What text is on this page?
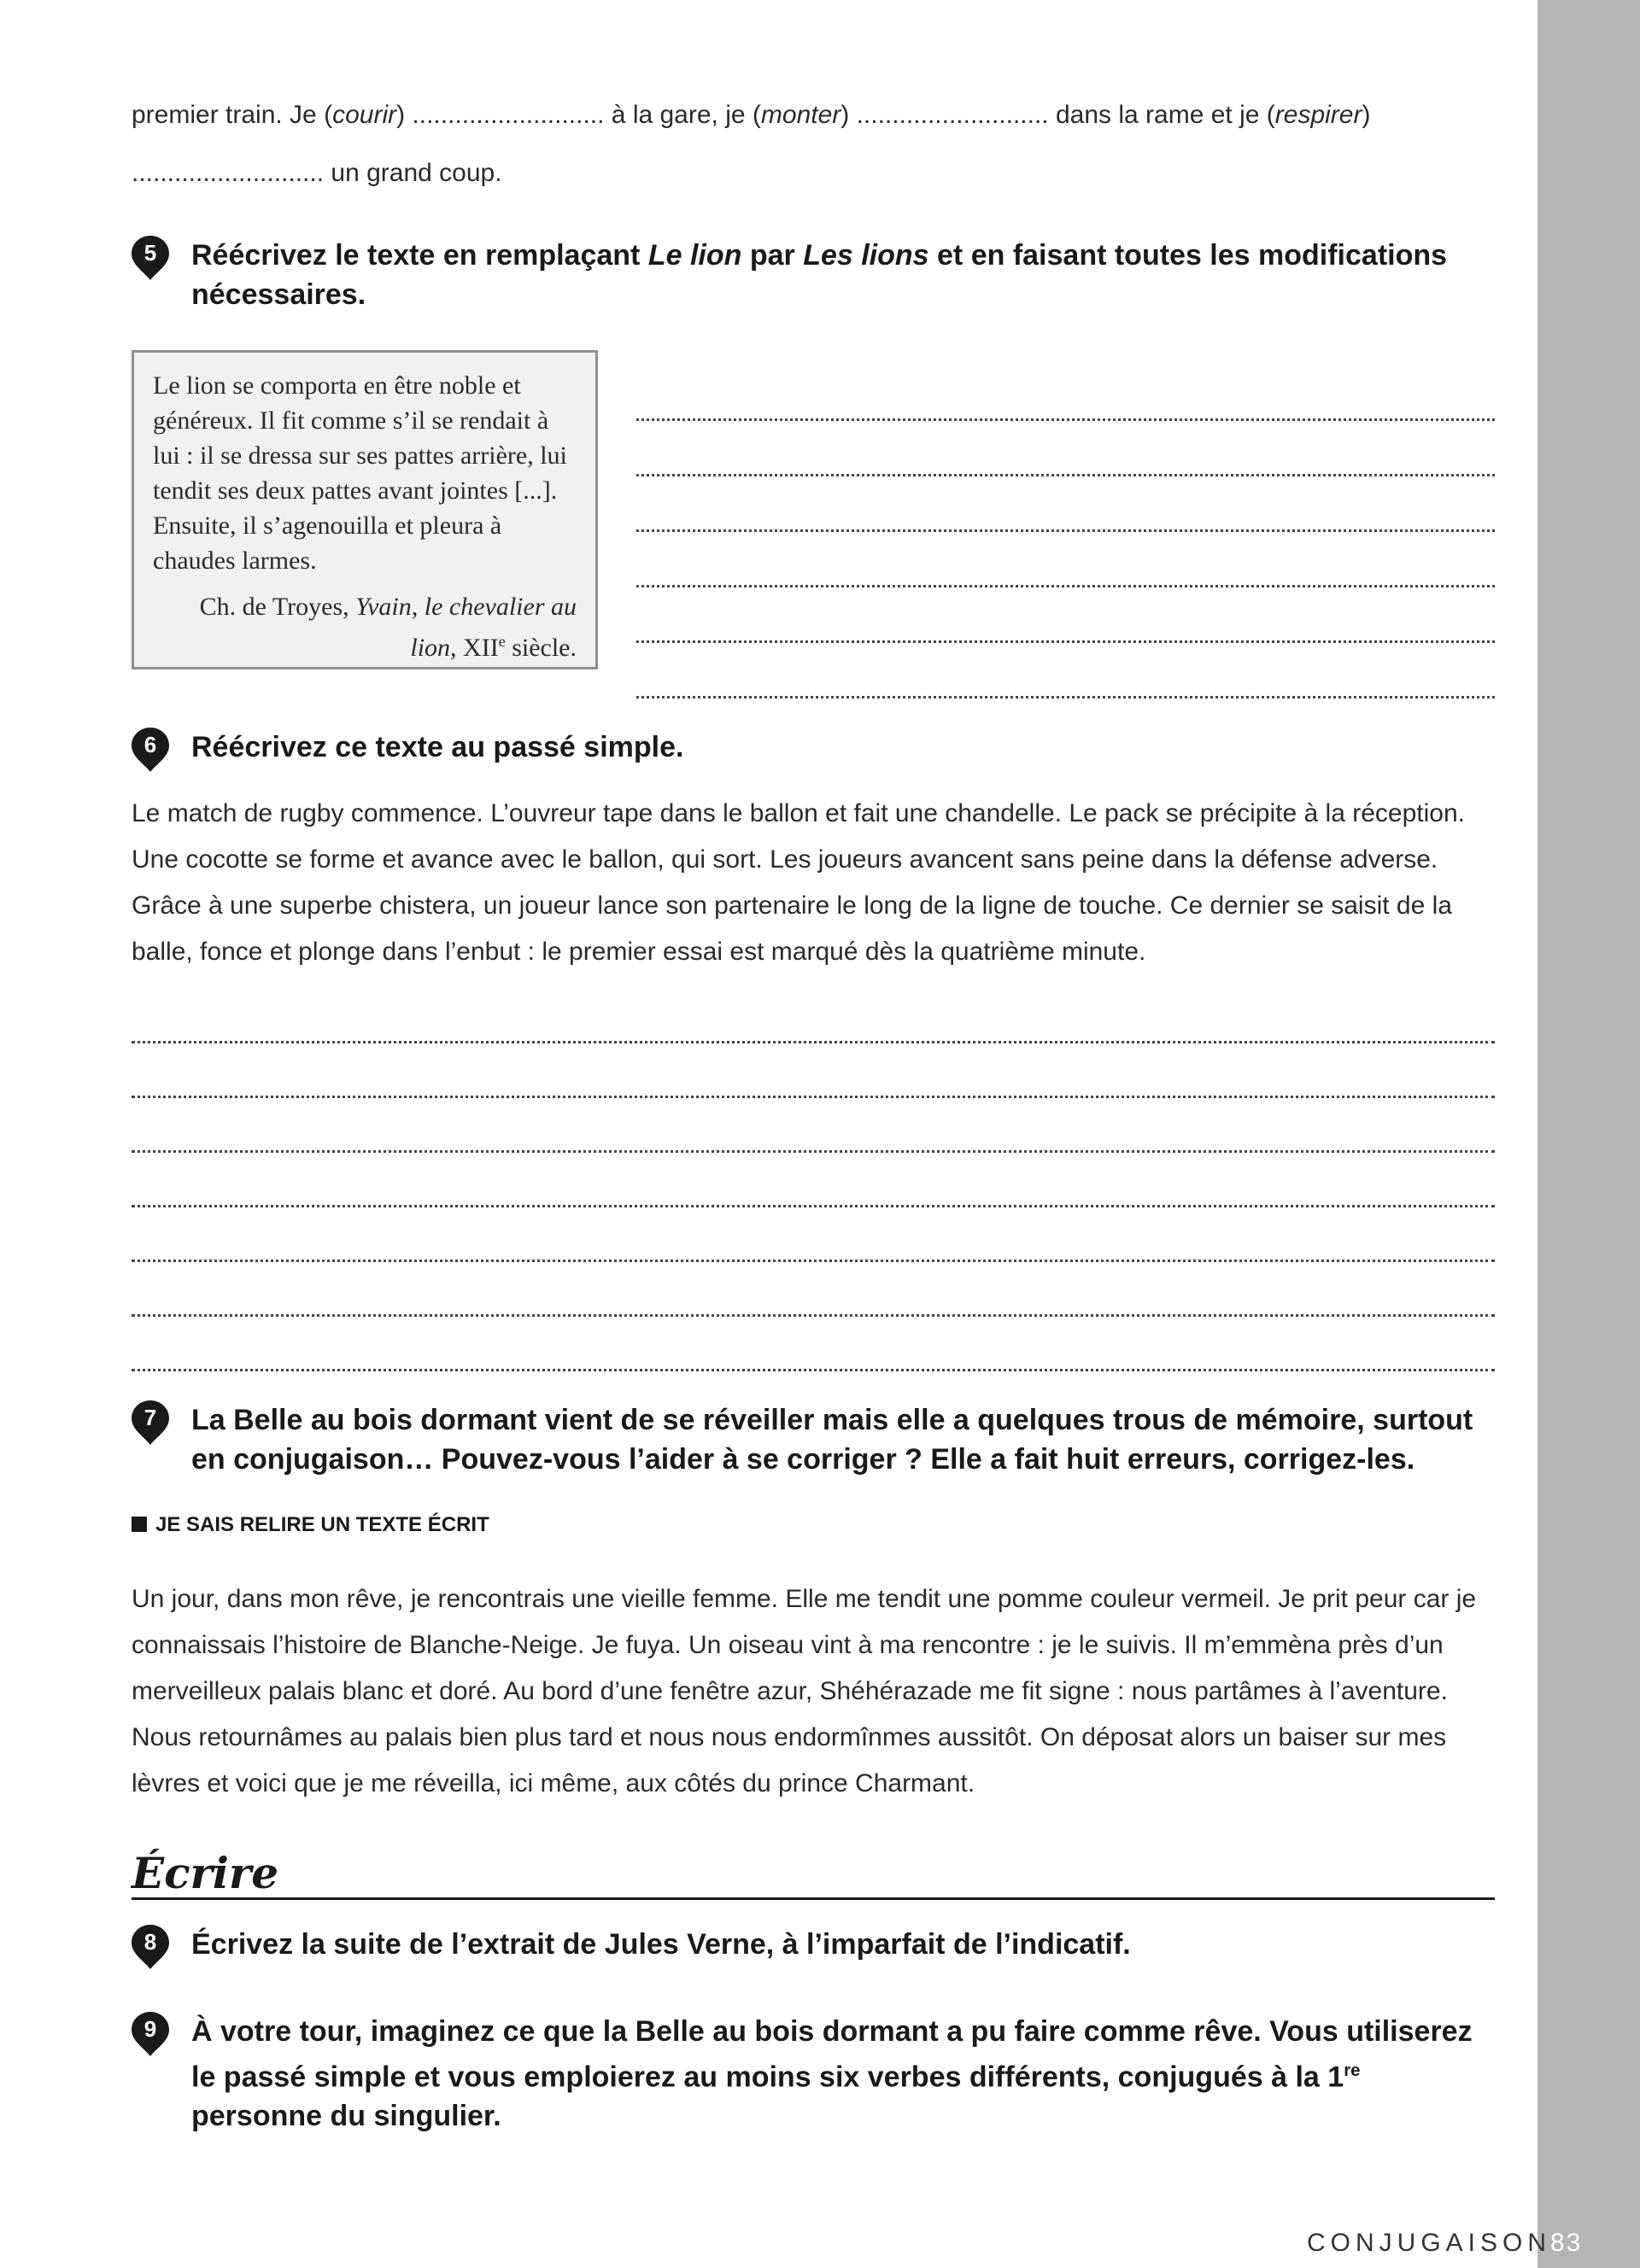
premier train. Je (courir) ........................... à la gare, je (monter) ........................... dans la rame et je (respirer)
........................... un grand coup.
5	Réécrivez le texte en remplaçant Le lion par Les lions et en faisant toutes les modifications nécessaires.
Le lion se comporta en être noble et généreux. Il fit comme s’il se rendait à lui : il se dressa sur ses pattes arrière, lui tendit ses deux pattes avant jointes [...]. Ensuite, il s’agenouilla et pleura à chaudes larmes.
Ch. de Troyes, Yvain, le chevalier au lion, XIIe siècle.
6	Réécrivez ce texte au passé simple.
Le match de rugby commence. L’ouvreur tape dans le ballon et fait une chandelle. Le pack se précipite à la réception. Une cocotte se forme et avance avec le ballon, qui sort. Les joueurs avancent sans peine dans la défense adverse. Grâce à une superbe chistera, un joueur lance son partenaire le long de la ligne de touche. Ce dernier se saisit de la balle, fonce et plonge dans l’enbut : le premier essai est marqué dès la quatrième minute.
7	La Belle au bois dormant vient de se réveiller mais elle a quelques trous de mémoire, surtout en conjugaison… Pouvez-vous l’aider à se corriger ? Elle a fait huit erreurs, corrigez-les.
JE SAIS RELIRE UN TEXTE ÉCRIT
Un jour, dans mon rêve, je rencontrais une vieille femme. Elle me tendit une pomme couleur vermeil. Je prit peur car je connaissais l’histoire de Blanche-Neige. Je fuya. Un oiseau vint à ma rencontre : je le suivis. Il m’emmèna près d’un merveilleux palais blanc et doré. Au bord d’une fenêtre azur, Shéhérazade me fit signe : nous partâmes à l’aventure. Nous retournâmes au palais bien plus tard et nous nous endormînmes aussitôt. On déposat alors un baiser sur mes lèvres et voici que je me réveilla, ici même, aux côtés du prince Charmant.
Écrire
8	Écrivez la suite de l’extrait de Jules Verne, à l’imparfait de l’indicatif.
9	À votre tour, imaginez ce que la Belle au bois dormant a pu faire comme rêve. Vous utiliserez le passé simple et vous emploierez au moins six verbes différents, conjugués à la 1re personne du singulier.
CONJUGAISON
83
